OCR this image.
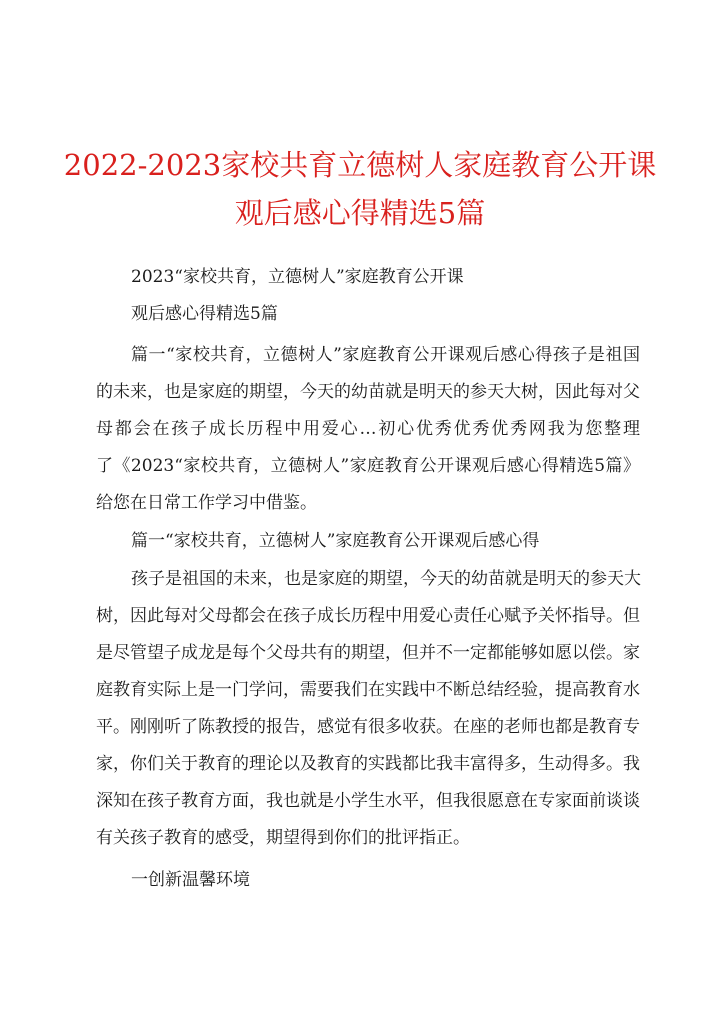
2022-2023家校共育立德树人家庭教育公开课
观后感心得精选5篇

2023“家校共育，立德树人”家庭教育公开课

观后感心得精选5篇

篇一“家校共育，立德树人”家庭教育公开课观后感心得孩子是祖国

的未来，也是家庭的期望，今天的幼苗就是明天的参天大树，因此每对父

母都会在孩子成长历程中用爱心…初心优秀优秀优秀网我为您整理

了《2023“家校共育，立德树人”家庭教育公开课观后感心得精选5篇》

给您在日常工作学习中借鉴。

篇一“家校共育，立德树人”家庭教育公开课观后感心得

孩子是祖国的未来，也是家庭的期望，今天的幼苗就是明天的参天大

树，因此每对父母都会在孩子成长历程中用爱心责任心赋予关怀指导。但

是尽管望子成龙是每个父母共有的期望，但并不一定都能够如愿以偿。家

庭教育实际上是一门学问，需要我们在实践中不断总结经验，提高教育水

平。刚刚听了陈教授的报告，感觉有很多收获。在座的老师也都是教育专

家，你们关于教育的理论以及教育的实践都比我丰富得多，生动得多。我

深知在孩子教育方面，我也就是小学生水平，但我很愿意在专家面前谈谈

有关孩子教育的感受，期望得到你们的批评指正。

一创新温馨环境
